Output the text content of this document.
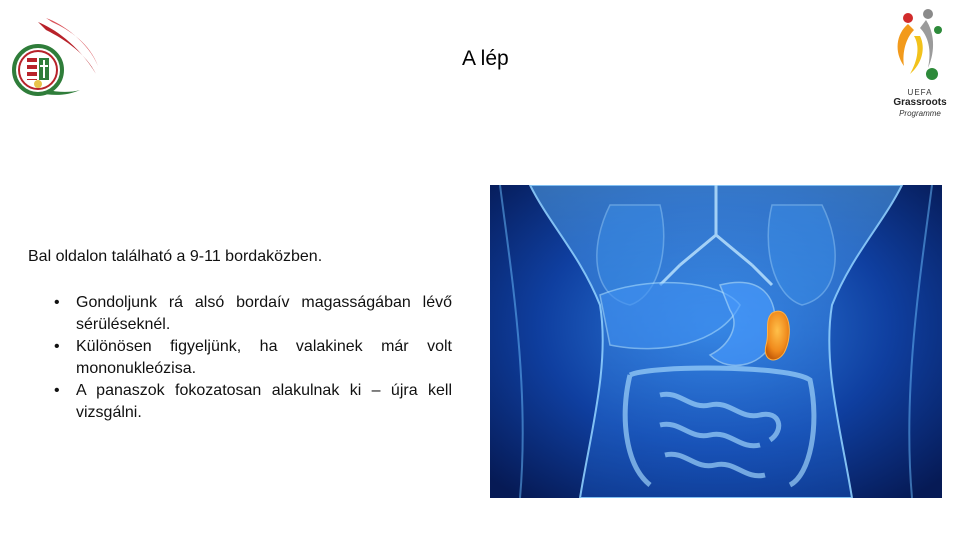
A lép
UEFA
Grassroots
Programme
Bal oldalon található a 9-11 bordaközben.
• Gondoljunk rá alsó bordaív magasságában lévő sérüléseknél.
• Különösen figyeljünk, ha valakinek már volt mononukleózisa.
• A panaszok fokozatosan alakulnak ki – újra kell vizsgálni.
